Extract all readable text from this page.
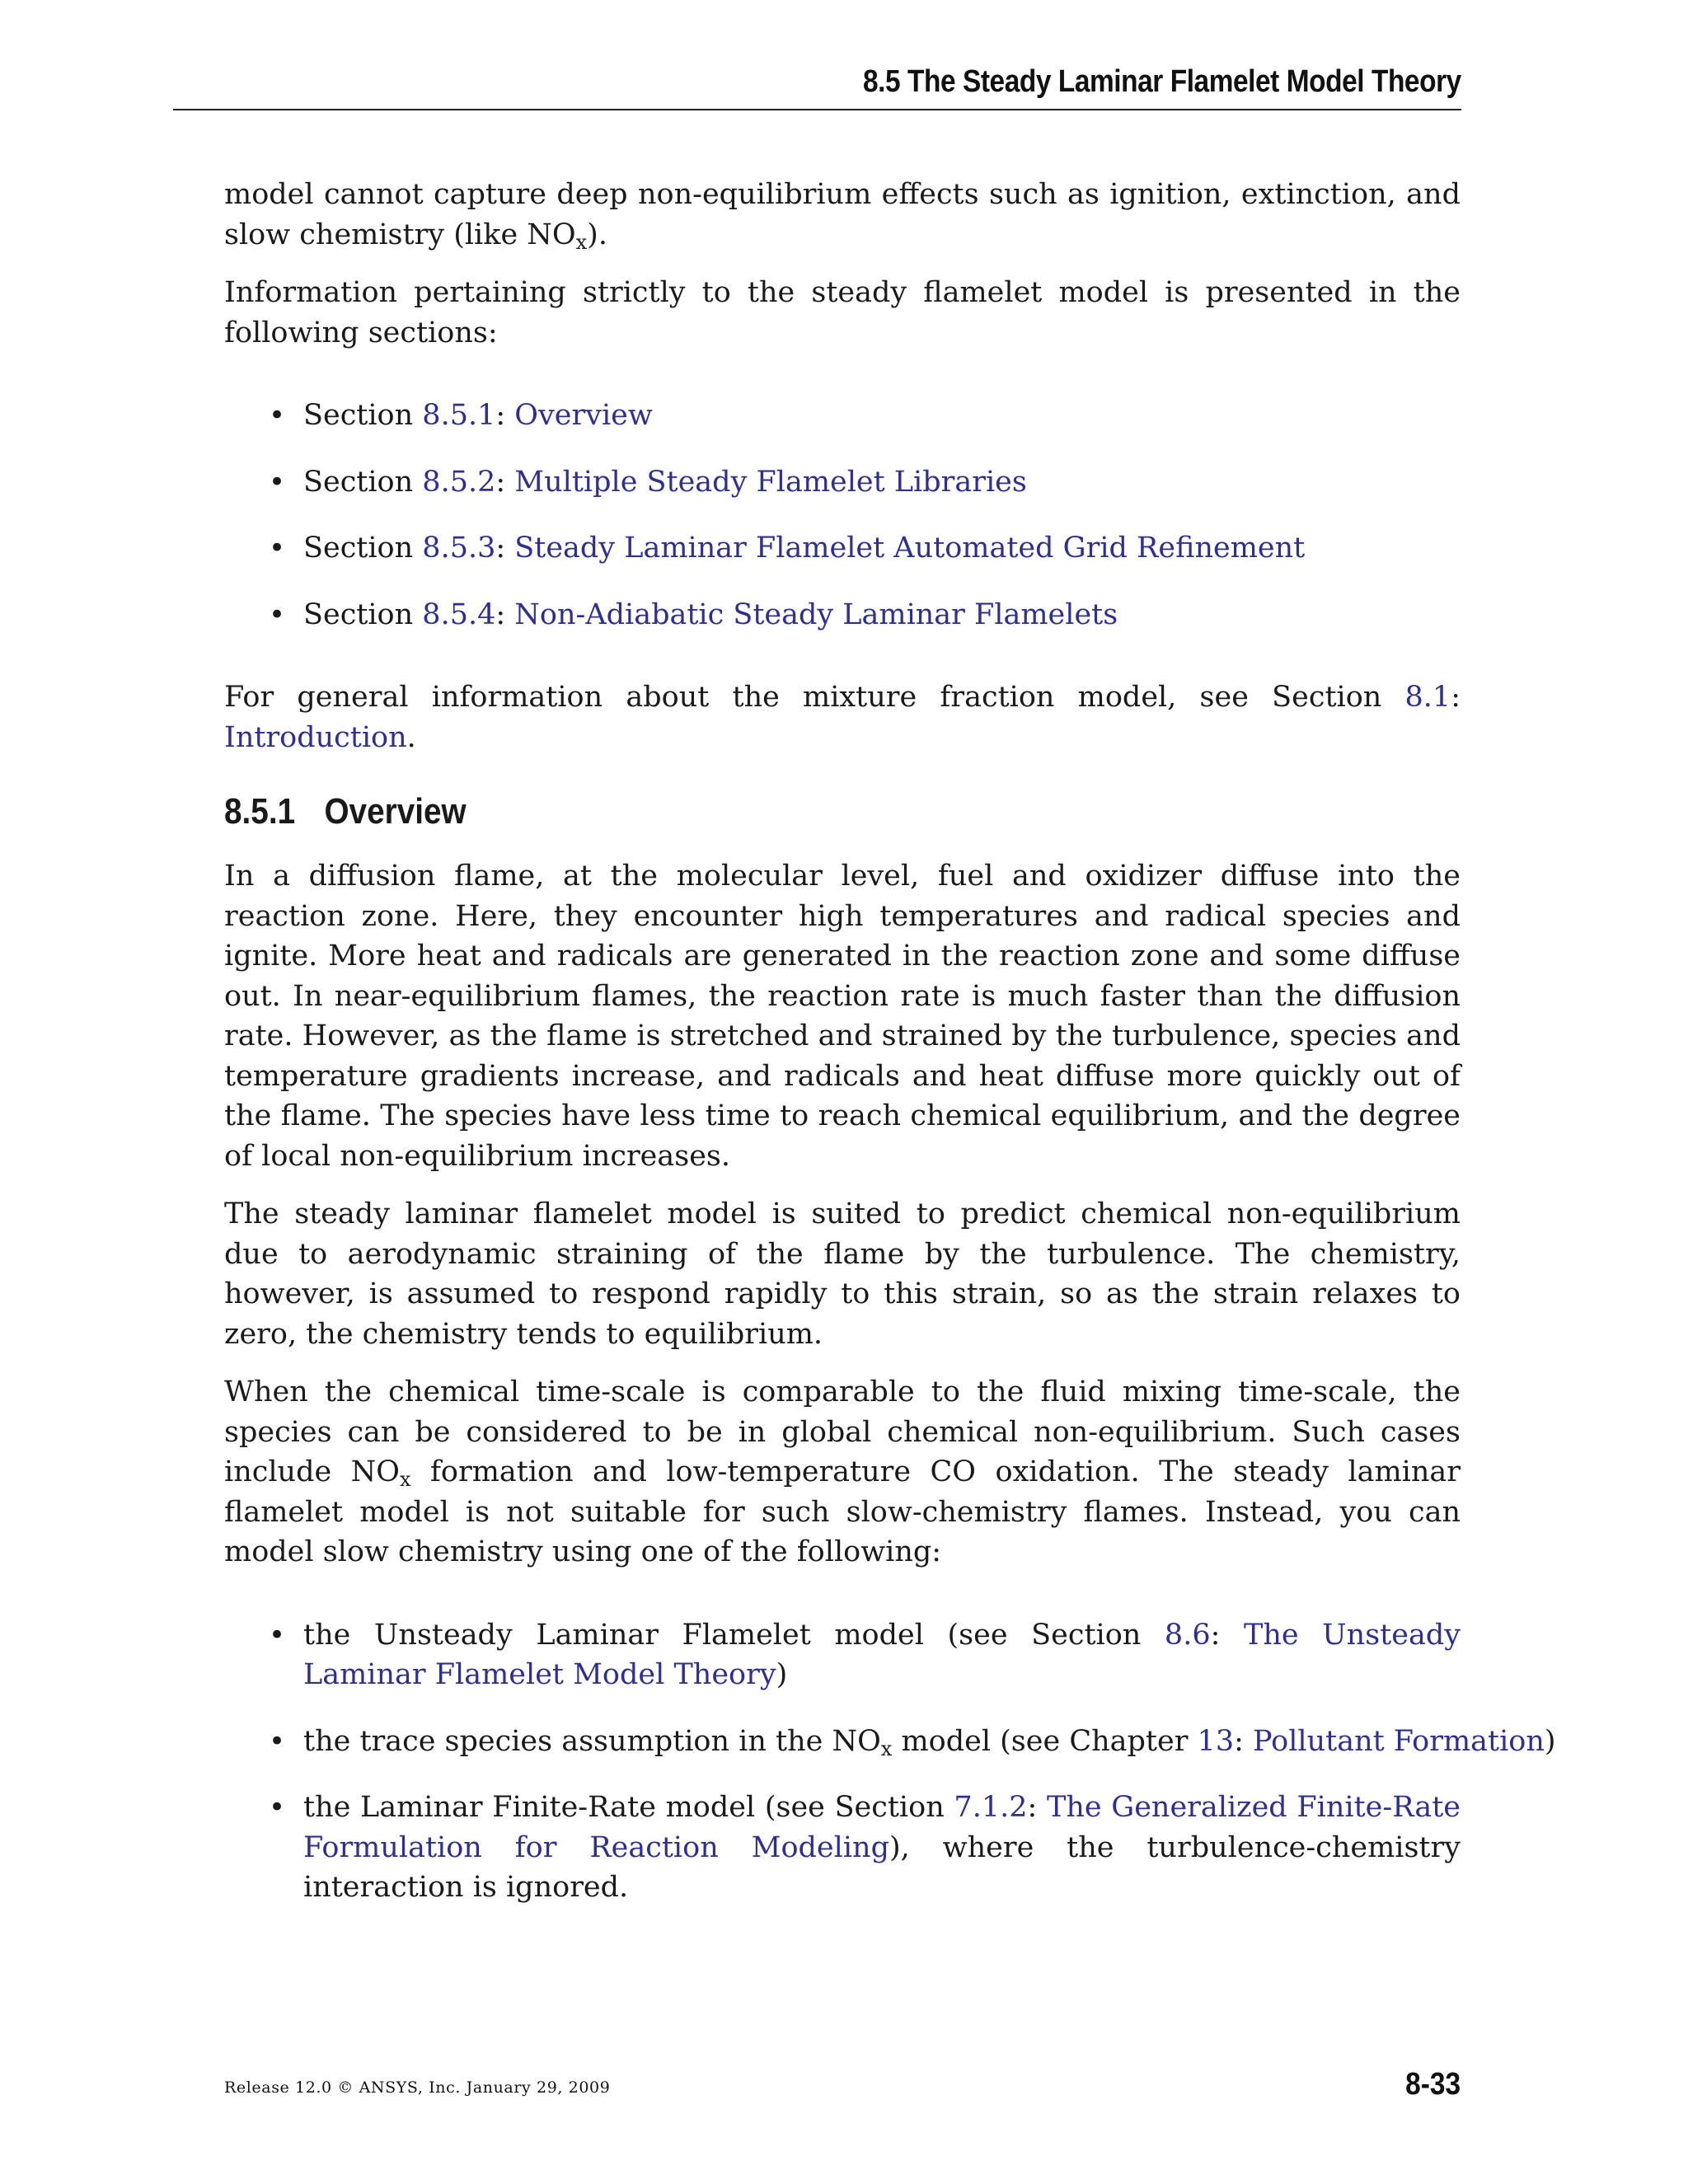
8.5 The Steady Laminar Flamelet Model Theory

model cannot capture deep non-equilibrium effects such as ignition, extinction, and slow chemistry (like $NO_x$).

Information pertaining strictly to the steady flamelet model is presented in the following sections:

• Section 8.5.1: Overview
• Section 8.5.2: Multiple Steady Flamelet Libraries
• Section 8.5.3: Steady Laminar Flamelet Automated Grid Refinement
• Section 8.5.4: Non-Adiabatic Steady Laminar Flamelets

For general information about the mixture fraction model, see Section 8.1: Introduction.

8.5.1 Overview

In a diffusion flame, at the molecular level, fuel and oxidizer diffuse into the reaction zone. Here, they encounter high temperatures and radical species and ignite. More heat and radicals are generated in the reaction zone and some diffuse out. In near-equilibrium flames, the reaction rate is much faster than the diffusion rate. However, as the flame is stretched and strained by the turbulence, species and temperature gradients increase, and radicals and heat diffuse more quickly out of the flame. The species have less time to reach chemical equilibrium, and the degree of local non-equilibrium increases.

The steady laminar flamelet model is suited to predict chemical non-equilibrium due to aerodynamic straining of the flame by the turbulence. The chemistry, however, is assumed to respond rapidly to this strain, so as the strain relaxes to zero, the chemistry tends to equilibrium.

When the chemical time-scale is comparable to the fluid mixing time-scale, the species can be considered to be in global chemical non-equilibrium. Such cases include $NO_x$ formation and low-temperature CO oxidation. The steady laminar flamelet model is not suitable for such slow-chemistry flames. Instead, you can model slow chemistry using one of the following:

• the Unsteady Laminar Flamelet model (see Section 8.6: The Unsteady Laminar Flamelet Model Theory)
• the trace species assumption in the $NO_x$ model (see Chapter 13: Pollutant Formation)
• the Laminar Finite-Rate model (see Section 7.1.2: The Generalized Finite-Rate Formulation for Reaction Modeling), where the turbulence-chemistry interaction is ignored.
Release 12.0 © ANSYS, Inc. January 29, 2009	8-33
